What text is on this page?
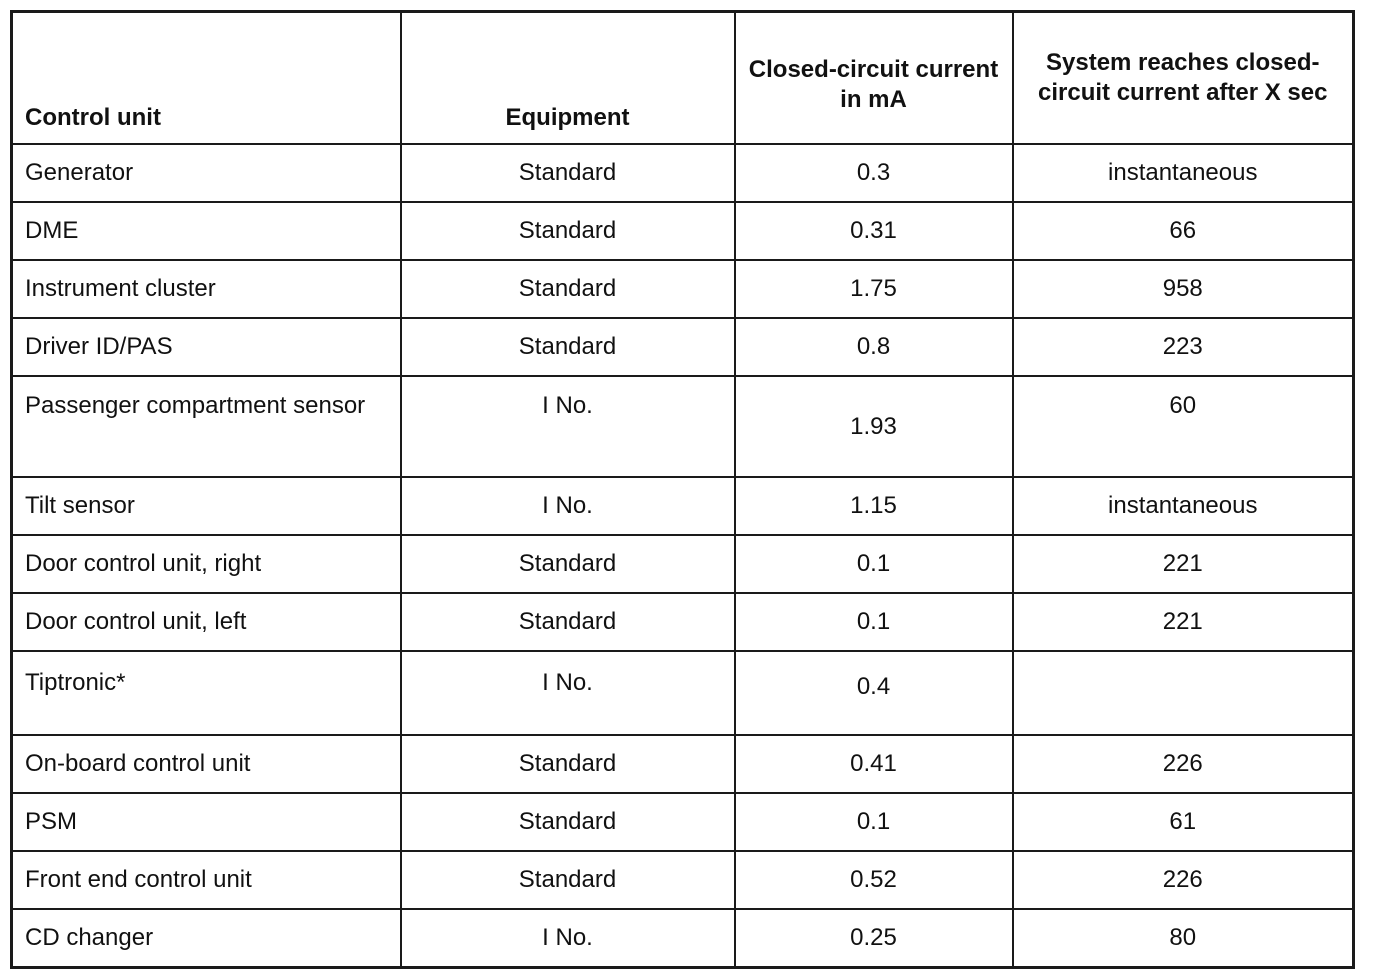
Control unit	Equipment	Closed-circuit current in mA	System reaches closed-circuit current after X sec
Generator	Standard	0.3	instantaneous
DME	Standard	0.31	66
Instrument cluster	Standard	1.75	958
Driver ID/PAS	Standard	0.8	223
Passenger compartment sensor	I No.	1.93	60
Tilt sensor	I No.	1.15	instantaneous
Door control unit, right	Standard	0.1	221
Door control unit, left	Standard	0.1	221
Tiptronic*	I No.	0.4	
On-board control unit	Standard	0.41	226
PSM	Standard	0.1	61
Front end control unit	Standard	0.52	226
CD changer	I No.	0.25	80
